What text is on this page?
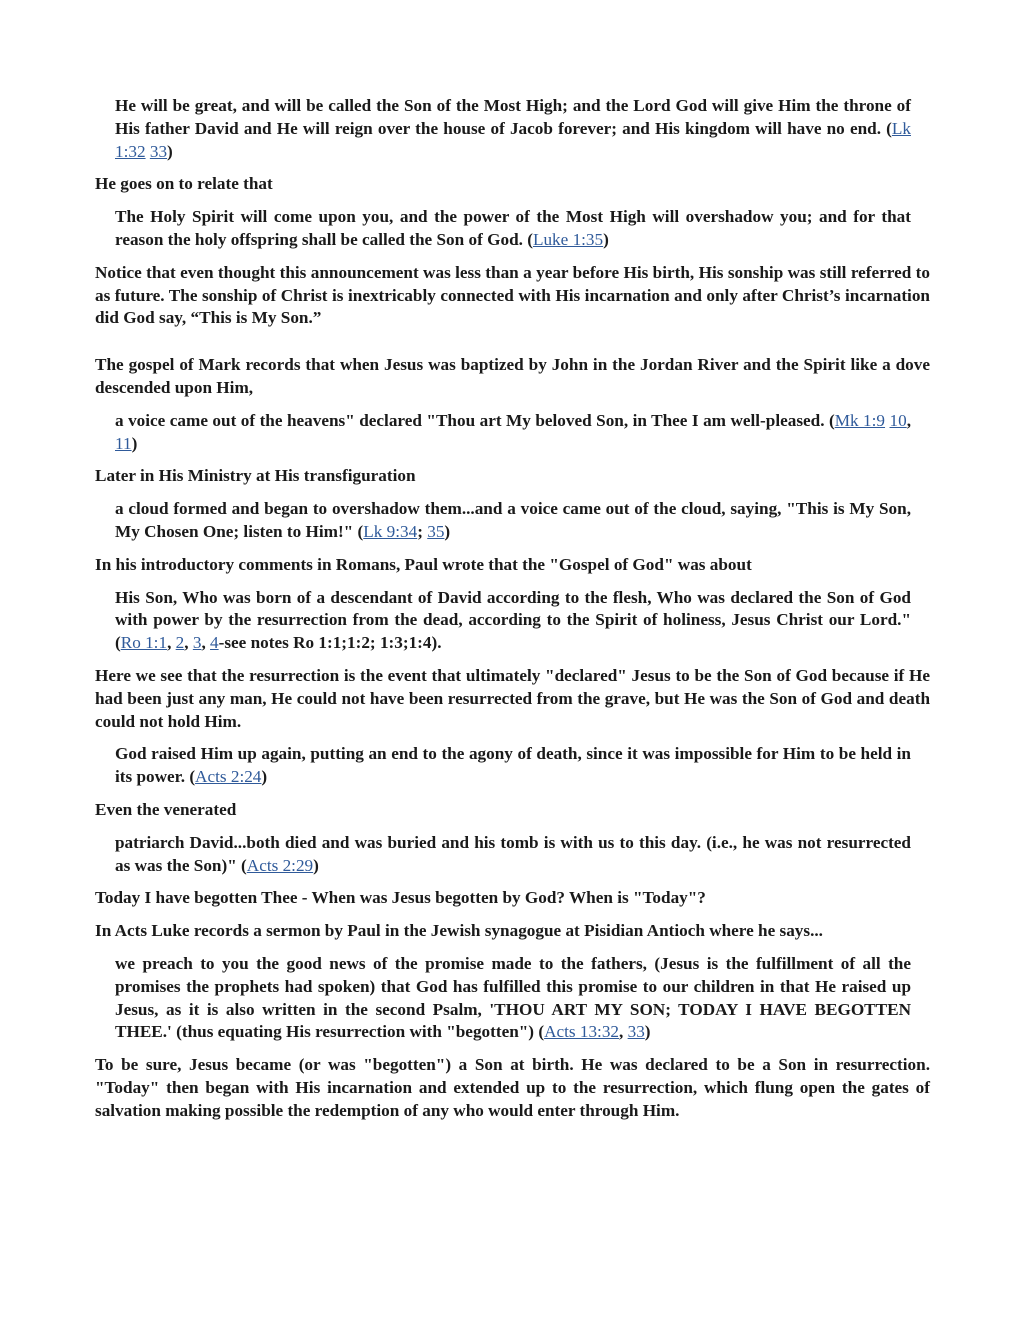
He will be great, and will be called the Son of the Most High; and the Lord God will give Him the throne of His father David and He will reign over the house of Jacob forever; and His kingdom will have no end. (Lk 1:32 33)
He goes on to relate that
The Holy Spirit will come upon you, and the power of the Most High will overshadow you; and for that reason the holy offspring shall be called the Son of God. (Luke 1:35)
Notice that even thought this announcement was less than a year before His birth, His sonship was still referred to as future. The sonship of Christ is inextricably connected with His incarnation and only after Christ’s incarnation did God say, “This is My Son.”
The gospel of Mark records that when Jesus was baptized by John in the Jordan River and the Spirit like a dove descended upon Him,
a voice came out of the heavens" declared "Thou art My beloved Son, in Thee I am well-pleased. (Mk 1:9 10, 11)
Later in His Ministry at His transfiguration
a cloud formed and began to overshadow them...and a voice came out of the cloud, saying, "This is My Son, My Chosen One; listen to Him!" (Lk 9:34; 35)
In his introductory comments in Romans, Paul wrote that the "Gospel of God" was about
His Son, Who was born of a descendant of David according to the flesh, Who was declared the Son of God with power by the resurrection from the dead, according to the Spirit of holiness, Jesus Christ our Lord." (Ro 1:1, 2, 3, 4-see notes Ro 1:1;1:2; 1:3;1:4).
Here we see that the resurrection is the event that ultimately "declared" Jesus to be the Son of God because if He had been just any man, He could not have been resurrected from the grave, but He was the Son of God and death could not hold Him.
God raised Him up again, putting an end to the agony of death, since it was impossible for Him to be held in its power. (Acts 2:24)
Even the venerated
patriarch David...both died and was buried and his tomb is with us to this day. (i.e., he was not resurrected as was the Son)" (Acts 2:29)
Today I have begotten Thee - When was Jesus begotten by God? When is "Today"?
In Acts Luke records a sermon by Paul in the Jewish synagogue at Pisidian Antioch where he says...
we preach to you the good news of the promise made to the fathers, (Jesus is the fulfillment of all the promises the prophets had spoken) that God has fulfilled this promise to our children in that He raised up Jesus, as it is also written in the second Psalm, 'THOU ART MY SON; TODAY I HAVE BEGOTTEN THEE.' (thus equating His resurrection with "begotten") (Acts 13:32, 33)
To be sure, Jesus became (or was "begotten") a Son at birth. He was declared to be a Son in resurrection. "Today" then began with His incarnation and extended up to the resurrection, which flung open the gates of salvation making possible the redemption of any who would enter through Him.
